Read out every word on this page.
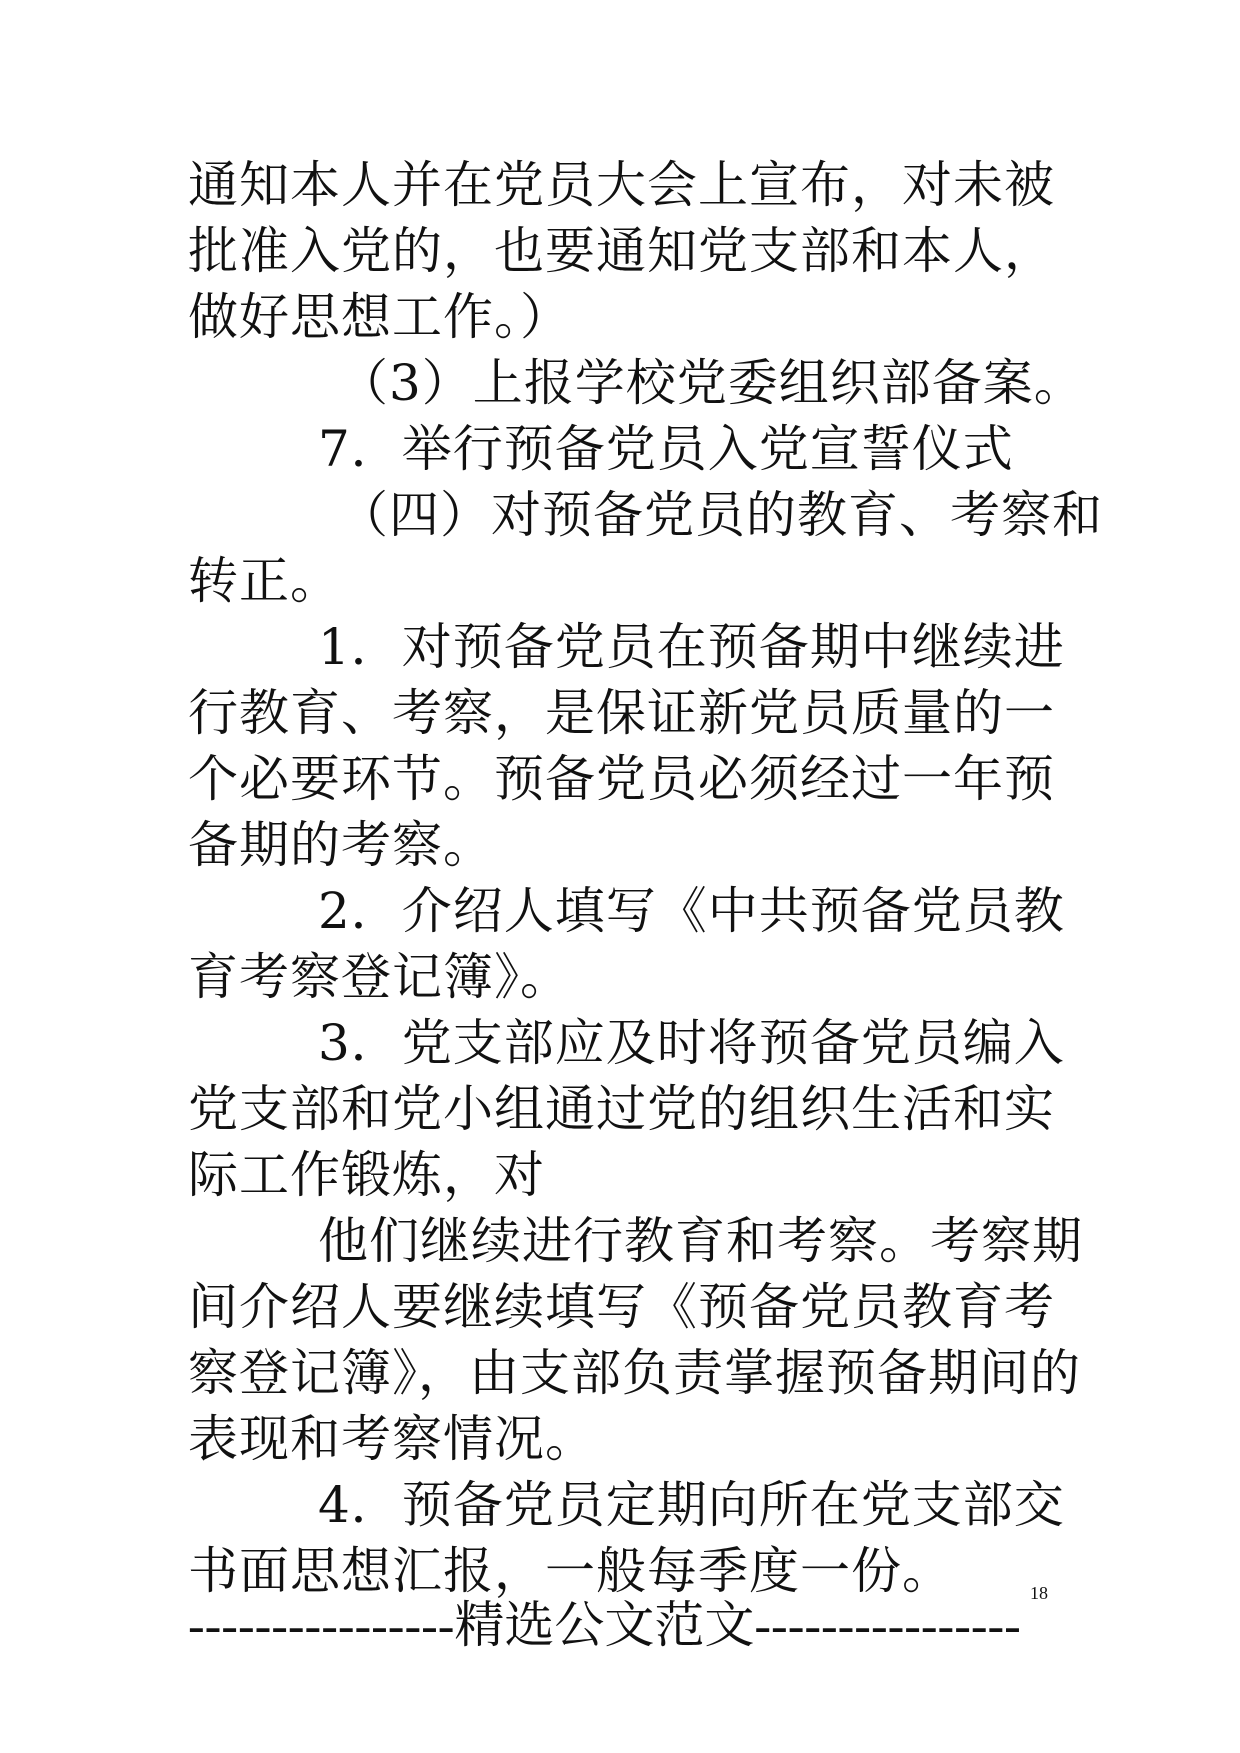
通知本人并在党员大会上宣布，对未被
批准入党的，也要通知党支部和本人，
做好思想工作。）
（3）上报学校党委组织部备案。
7．举行预备党员入党宣誓仪式
（四）对预备党员的教育、考察和
转正。
1．对预备党员在预备期中继续进
行教育、考察，是保证新党员质量的一
个必要环节。预备党员必须经过一年预
备期的考察。
2．介绍人填写《中共预备党员教
育考察登记簿》。
3．党支部应及时将预备党员编入
党支部和党小组通过党的组织生活和实
际工作锻炼，对
他们继续进行教育和考察。考察期
间介绍人要继续填写《预备党员教育考
察登记簿》，由支部负责掌握预备期间的
表现和考察情况。
4．预备党员定期向所在党支部交
书面思想汇报，一般每季度一份。	18
----------------精选公文范文----------------
